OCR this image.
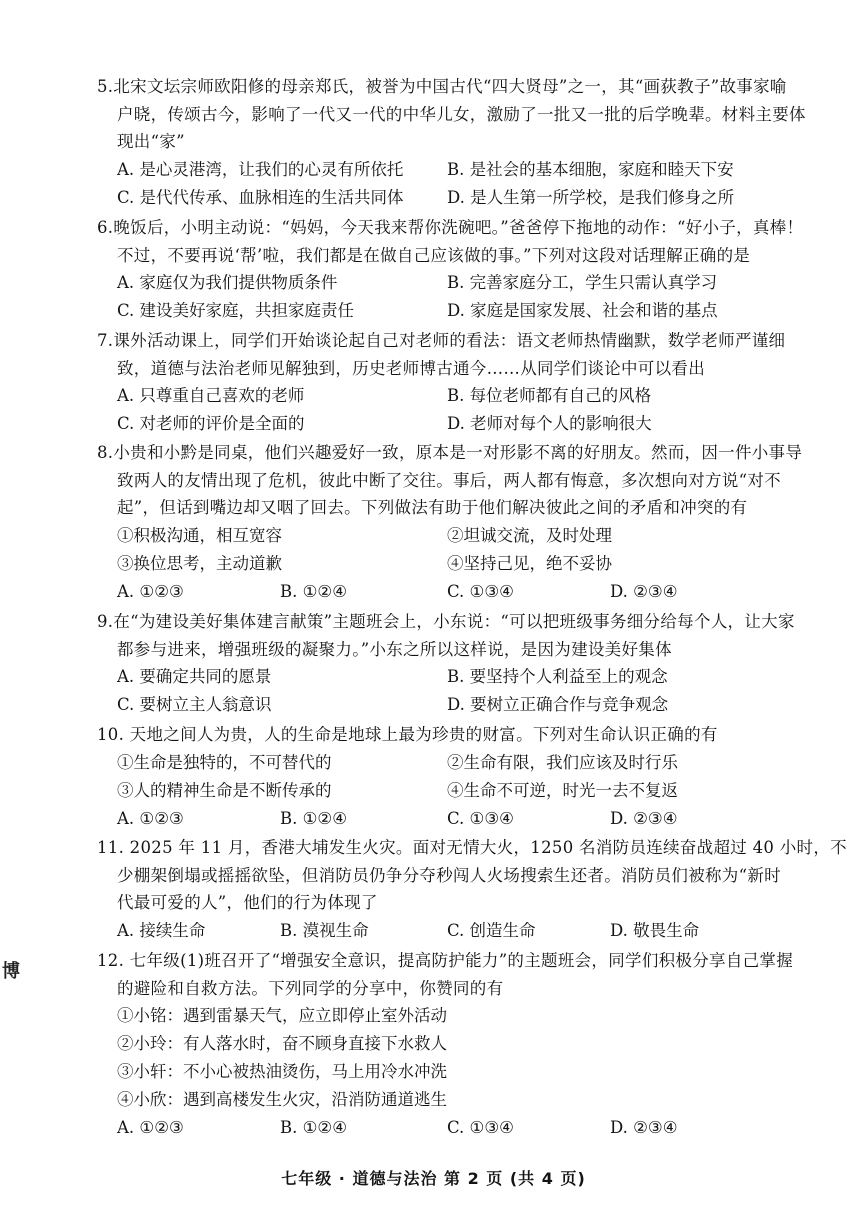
5.北宋文坛宗师欧阳修的母亲郑氏，被誉为中国古代“四大贤母”之一，其“画荻教子”故事家喻
户晓，传颂古今，影响了一代又一代的中华儿女，激励了一批又一批的后学晚辈。材料主要体
现出“家”
A. 是心灵港湾，让我们的心灵有所依托	B. 是社会的基本细胞，家庭和睦天下安
C. 是代代传承、血脉相连的生活共同体	D. 是人生第一所学校，是我们修身之所
6.晚饭后，小明主动说：“妈妈，今天我来帮你洗碗吧。”爸爸停下拖地的动作：“好小子，真棒！
不过，不要再说‘帮’啦，我们都是在做自己应该做的事。”下列对这段对话理解正确的是
A. 家庭仅为我们提供物质条件	B. 完善家庭分工，学生只需认真学习
C. 建设美好家庭，共担家庭责任	D. 家庭是国家发展、社会和谐的基点
7.课外活动课上，同学们开始谈论起自己对老师的看法：语文老师热情幽默，数学老师严谨细
致，道德与法治老师见解独到，历史老师博古通今……从同学们谈论中可以看出
A. 只尊重自己喜欢的老师	B. 每位老师都有自己的风格
C. 对老师的评价是全面的	D. 老师对每个人的影响很大
8.小贵和小黔是同桌，他们兴趣爱好一致，原本是一对形影不离的好朋友。然而，因一件小事导
致两人的友情出现了危机，彼此中断了交往。事后，两人都有悔意，多次想向对方说“对不
起”，但话到嘴边却又咽了回去。下列做法有助于他们解决彼此之间的矛盾和冲突的有
①积极沟通，相互宽容	②坦诚交流，及时处理
③换位思考，主动道歉	④坚持己见，绝不妥协
A. ①②③	B. ①②④	C. ①③④	D. ②③④
9.在“为建设美好集体建言献策”主题班会上，小东说：“可以把班级事务细分给每个人，让大家
都参与进来，增强班级的凝聚力。”小东之所以这样说，是因为建设美好集体
A. 要确定共同的愿景	B. 要坚持个人利益至上的观念
C. 要树立主人翁意识	D. 要树立正确合作与竞争观念
10. 天地之间人为贵，人的生命是地球上最为珍贵的财富。下列对生命认识正确的有
①生命是独特的，不可替代的	②生命有限，我们应该及时行乐
③人的精神生命是不断传承的	④生命不可逆，时光一去不复返
A. ①②③	B. ①②④	C. ①③④	D. ②③④
11. 2025 年 11 月，香港大埔发生火灾。面对无情大火，1250 名消防员连续奋战超过 40 小时，不
少棚架倒塌或摇摇欲坠，但消防员仍争分夺秒闯人火场搜索生还者。消防员们被称为“新时
代最可爱的人”，他们的行为体现了
A. 接续生命	B. 漠视生命	C. 创造生命	D. 敬畏生命
12. 七年级(1)班召开了“增强安全意识，提高防护能力”的主题班会，同学们积极分享自己掌握
的避险和自救方法。下列同学的分享中，你赞同的有
①小铭：遇到雷暴天气，应立即停止室外活动
②小玲：有人落水时，奋不顾身直接下水救人
③小轩：不小心被热油烫伤，马上用冷水冲洗
④小欣：遇到高楼发生火灾，沿消防通道逃生
A. ①②③	B. ①②④	C. ①③④	D. ②③④
博
七年级 · 道德与法治 第 2 页 (共 4 页)
